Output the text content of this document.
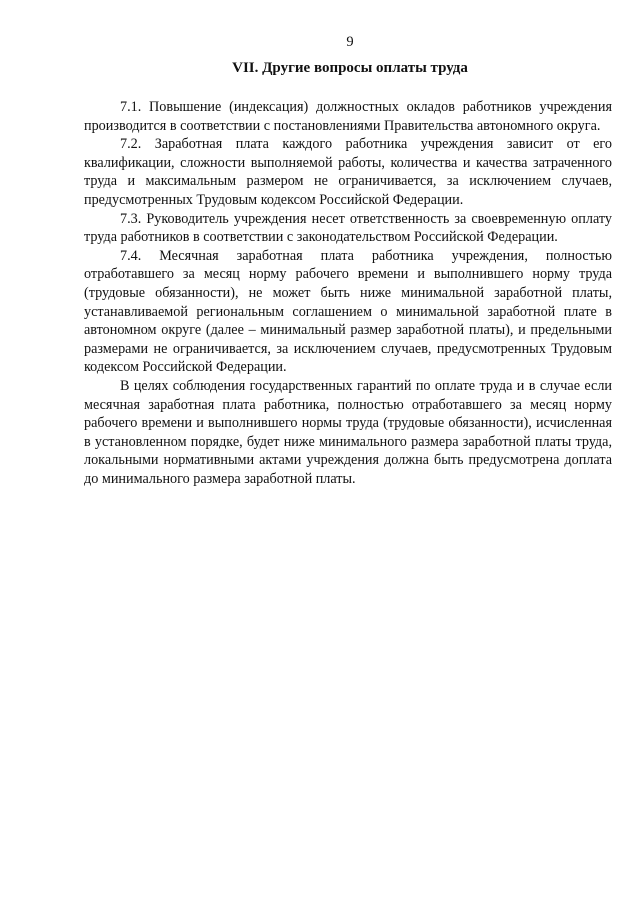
9
VII. Другие вопросы оплаты труда

7.1. Повышение (индексация) должностных окладов работников учреждения производится в соответствии с постановлениями Правительства автономного округа.

7.2. Заработная плата каждого работника учреждения зависит от его квалификации, сложности выполняемой работы, количества и качества затраченного труда и максимальным размером не ограничивается, за исключением случаев, предусмотренных Трудовым кодексом Российской Федерации.

7.3. Руководитель учреждения несет ответственность за своевременную оплату труда работников в соответствии с законодательством Российской Федерации.

7.4. Месячная заработная плата работника учреждения, полностью отработавшего за месяц норму рабочего времени и выполнившего норму труда (трудовые обязанности), не может быть ниже минимальной заработной платы, устанавливаемой региональным соглашением о минимальной заработной плате в автономном округе (далее – минимальный размер заработной платы), и предельными размерами не ограничивается, за исключением случаев, предусмотренных Трудовым кодексом Российской Федерации.

В целях соблюдения государственных гарантий по оплате труда и в случае если месячная заработная плата работника, полностью отработавшего за месяц норму рабочего времени и выполнившего нормы труда (трудовые обязанности), исчисленная в установленном порядке, будет ниже минимального размера заработной платы труда, локальными нормативными актами учреждения должна быть предусмотрена доплата до минимального размера заработной платы.
